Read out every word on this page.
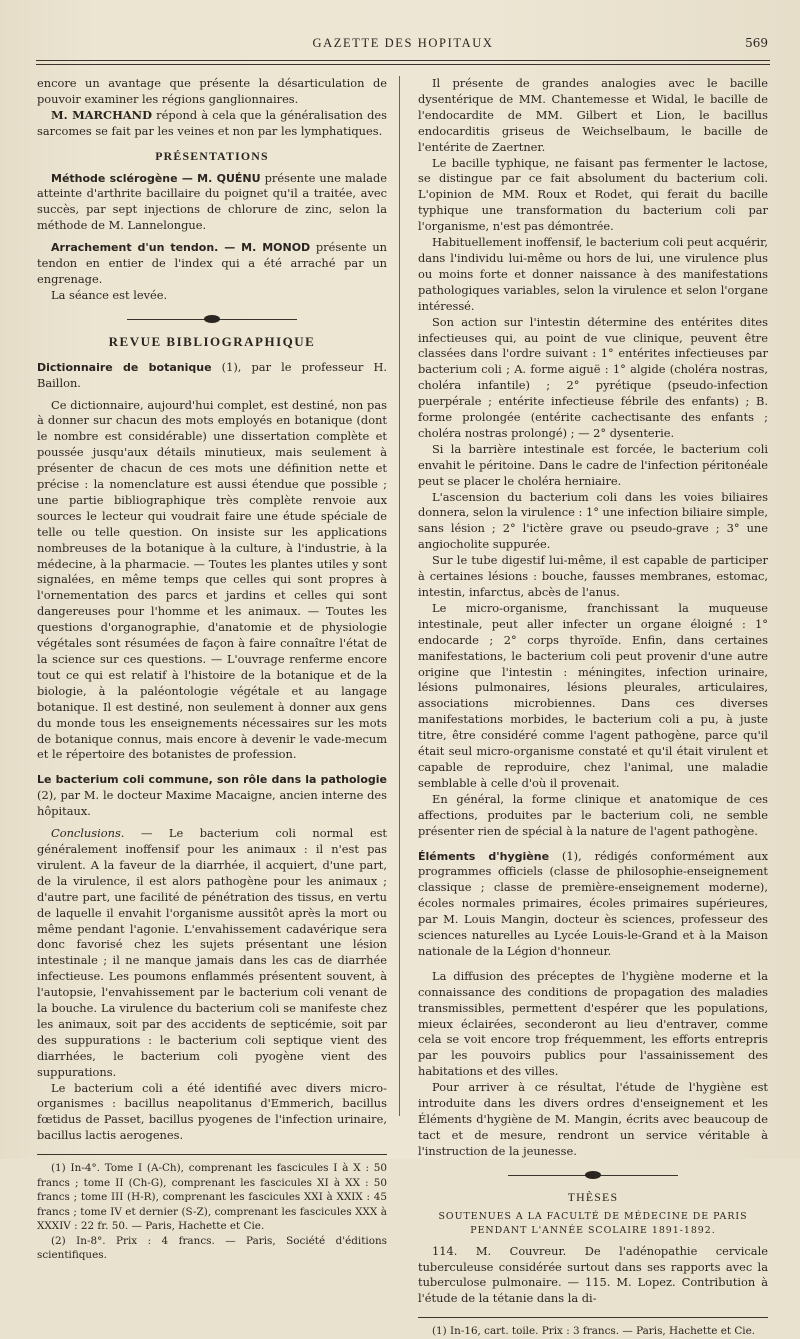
GAZETTE DES HOPITAUX	569

encore un avantage que présente la désarticulation de pouvoir examiner les régions ganglionnaires.

M. MARCHAND répond à cela que la généralisation des sarcomes se fait par les veines et non par les lymphatiques.

PRÉSENTATIONS

Méthode sclérogène — M. QUÉNU présente une malade atteinte d'arthrite bacillaire du poignet qu'il a traitée, avec succès, par sept injections de chlorure de zinc, selon la méthode de M. Lannelongue.

Arrachement d'un tendon. — M. MONOD présente un tendon en entier de l'index qui a été arraché par un engrenage.

La séance est levée.

REVUE BIBLIOGRAPHIQUE

Dictionnaire de botanique (1), par le professeur H. Baillon.

Ce dictionnaire, aujourd'hui complet, est destiné, non pas à donner sur chacun des mots employés en botanique (dont le nombre est considérable) une dissertation complète et poussée jusqu'aux détails minutieux, mais seulement à présenter de chacun de ces mots une définition nette et précise : la nomenclature est aussi étendue que possible ; une partie bibliographique très complète renvoie aux sources le lecteur qui voudrait faire une étude spéciale de telle ou telle question. On insiste sur les applications nombreuses de la botanique à la culture, à l'industrie, à la médecine, à la pharmacie. — Toutes les plantes utiles y sont signalées, en même temps que celles qui sont propres à l'ornementation des parcs et jardins et celles qui sont dangereuses pour l'homme et les animaux. — Toutes les questions d'organographie, d'anatomie et de physiologie végétales sont résumées de façon à faire connaître l'état de la science sur ces questions. — L'ouvrage renferme encore tout ce qui est relatif à l'histoire de la botanique et de la biologie, à la paléontologie végétale et au langage botanique. Il est destiné, non seulement à donner aux gens du monde tous les enseignements nécessaires sur les mots de botanique connus, mais encore à devenir le vade-mecum et le répertoire des botanistes de profession.

Le bacterium coli commune, son rôle dans la pathologie (2), par M. le docteur Maxime Macaigne, ancien interne des hôpitaux.

Conclusions. — Le bacterium coli normal est généralement inoffensif pour les animaux : il n'est pas virulent. A la faveur de la diarrhée, il acquiert, d'une part, de la virulence, il est alors pathogène pour les animaux ; d'autre part, une facilité de pénétration des tissus, en vertu de laquelle il envahit l'organisme aussitôt après la mort ou même pendant l'agonie. L'envahissement cadavérique sera donc favorisé chez les sujets présentant une lésion intestinale ; il ne manque jamais dans les cas de diarrhée infectieuse. Les poumons enflammés présentent souvent, à l'autopsie, l'envahissement par le bacterium coli venant de la bouche. La virulence du bacterium coli se manifeste chez les animaux, soit par des accidents de septicémie, soit par des suppurations : le bacterium coli septique vient des diarrhées, le bacterium coli pyogène vient des suppurations.

Le bacterium coli a été identifié avec divers micro-organismes : bacillus neapolitanus d'Emmerich, bacillus fœtidus de Passet, bacillus pyogenes de l'infection urinaire, bacillus lactis aerogenes.

(1) In-4°. Tome I (A-Ch), comprenant les fascicules I à X : 50 francs ; tome II (Ch-G), comprenant les fascicules XI à XX : 50 francs ; tome III (H-R), comprenant les fascicules XXI à XXIX : 45 francs ; tome IV et dernier (S-Z), comprenant les fascicules XXX à XXXIV : 22 fr. 50. — Paris, Hachette et Cie.
(2) In-8°. Prix : 4 francs. — Paris, Société d'éditions scientifiques.

Il présente de grandes analogies avec le bacille dysentérique de MM. Chantemesse et Widal, le bacille de l'endocardite de MM. Gilbert et Lion, le bacillus endocarditis griseus de Weichselbaum, le bacille de l'entérite de Zaertner.

Le bacille typhique, ne faisant pas fermenter le lactose, se distingue par ce fait absolument du bacterium coli. L'opinion de MM. Roux et Rodet, qui ferait du bacille typhique une transformation du bacterium coli par l'organisme, n'est pas démontrée.

Habituellement inoffensif, le bacterium coli peut acquérir, dans l'individu lui-même ou hors de lui, une virulence plus ou moins forte et donner naissance à des manifestations pathologiques variables, selon la virulence et selon l'organe intéressé.

Son action sur l'intestin détermine des entérites dites infectieuses qui, au point de vue clinique, peuvent être classées dans l'ordre suivant : 1° entérites infectieuses par bacterium coli ; A. forme aiguë : 1° algide (choléra nostras, choléra infantile) ; 2° pyrétique (pseudo-infection puerpérale ; entérite infectieuse fébrile des enfants) ; B. forme prolongée (entérite cachectisante des enfants ; choléra nostras prolongé) ; — 2° dysenterie.

Si la barrière intestinale est forcée, le bacterium coli envahit le péritoine. Dans le cadre de l'infection péritonéale peut se placer le choléra herniaire.

L'ascension du bacterium coli dans les voies biliaires donnera, selon la virulence : 1° une infection biliaire simple, sans lésion ; 2° l'ictère grave ou pseudo-grave ; 3° une angiocholite suppurée.

Sur le tube digestif lui-même, il est capable de participer à certaines lésions : bouche, fausses membranes, estomac, intestin, infarctus, abcès de l'anus.

Le micro-organisme, franchissant la muqueuse intestinale, peut aller infecter un organe éloigné : 1° endocarde ; 2° corps thyroïde. Enfin, dans certaines manifestations, le bacterium coli peut provenir d'une autre origine que l'intestin : méningites, infection urinaire, lésions pulmonaires, lésions pleurales, articulaires, associations microbiennes. Dans ces diverses manifestations morbides, le bacterium coli a pu, à juste titre, être considéré comme l'agent pathogène, parce qu'il était seul micro-organisme constaté et qu'il était virulent et capable de reproduire, chez l'animal, une maladie semblable à celle d'où il provenait.

En général, la forme clinique et anatomique de ces affections, produites par le bacterium coli, ne semble présenter rien de spécial à la nature de l'agent pathogène.

Éléments d'hygiène (1), rédigés conformément aux programmes officiels (classe de philosophie-enseignement classique ; classe de première-enseignement moderne), écoles normales primaires, écoles primaires supérieures, par M. Louis Mangin, docteur ès sciences, professeur des sciences naturelles au Lycée Louis-le-Grand et à la Maison nationale de la Légion d'honneur.

La diffusion des préceptes de l'hygiène moderne et la connaissance des conditions de propagation des maladies transmissibles, permettent d'espérer que les populations, mieux éclairées, seconderont au lieu d'entraver, comme cela se voit encore trop fréquemment, les efforts entrepris par les pouvoirs publics pour l'assainissement des habitations et des villes.

Pour arriver à ce résultat, l'étude de l'hygiène est introduite dans les divers ordres d'enseignement et les Éléments d'hygiène de M. Mangin, écrits avec beaucoup de tact et de mesure, rendront un service véritable à l'instruction de la jeunesse.

THÈSES
SOUTENUES A LA FACULTÉ DE MÉDECINE DE PARIS
PENDANT L'ANNÉE SCOLAIRE 1891-1892.

114. M. Couvreur. De l'adénopathie cervicale tuberculeuse considérée surtout dans ses rapports avec la tuberculose pulmonaire. — 115. M. Lopez. Contribution à l'étude de la tétanie dans la di-

(1) In-16, cart. toile. Prix : 3 francs. — Paris, Hachette et Cie.
